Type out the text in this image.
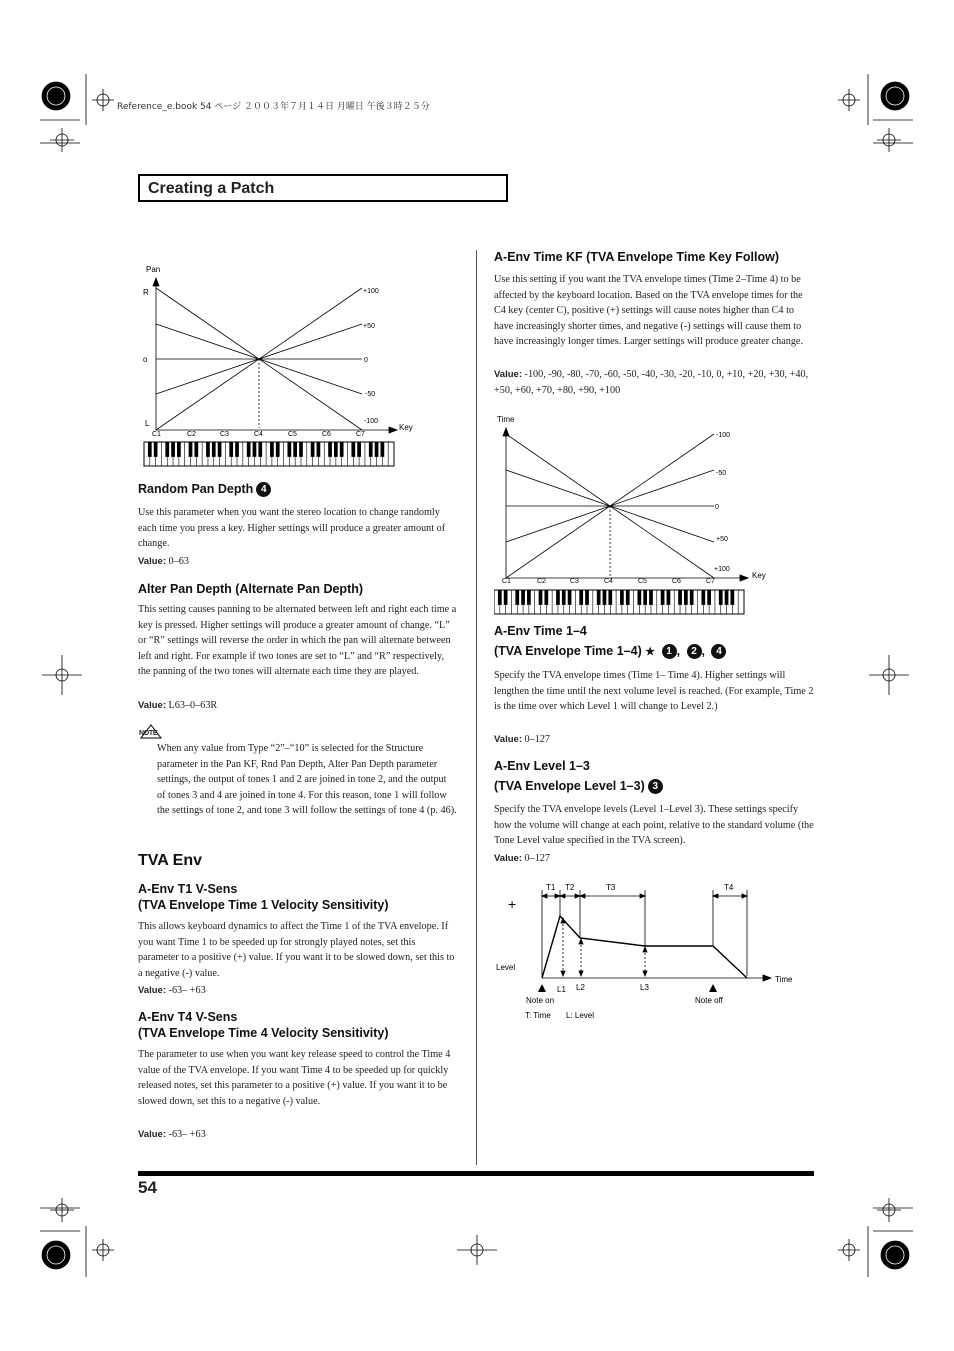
Reference_e.book 54 ページ ２００３年７月１４日 月曜日 午後３時２５分
Creating a Patch
Pan
R
o
L
+100
+50
0
-50
-100
Key
C1	C2	C3	C4	C5	C6	C7
Random Pan Depth 4
Use this parameter when you want the stereo location to change randomly each time you press a key. Higher settings will produce a greater amount of change.
Value: 0–63
Alter Pan Depth (Alternate Pan Depth)
This setting causes panning to be alternated between left and right each time a key is pressed. Higher settings will produce a greater amount of change. “L” or “R” settings will reverse the order in which the pan will alternate between left and right. For example if two tones are set to “L” and “R” respectively, the panning of the two tones will alternate each time they are played.
Value: L63–0–63R
NOTE
When any value from Type “2”–“10” is selected for the Structure parameter in the Pan KF, Rnd Pan Depth, Alter Pan Depth parameter settings, the output of tones 1 and 2 are joined in tone 2, and the output of tones 3 and 4 are joined in tone 4. For this reason, tone 1 will follow the settings of tone 2, and tone 3 will follow the settings of tone 4 (p. 46).
TVA Env
A-Env T1 V-Sens
(TVA Envelope Time 1 Velocity Sensitivity)
This allows keyboard dynamics to affect the Time 1 of the TVA envelope. If you want Time 1 to be speeded up for strongly played notes, set this parameter to a positive (+) value. If you want it to be slowed down, set this to a negative (-) value.
Value: -63– +63
A-Env T4 V-Sens
(TVA Envelope Time 4 Velocity Sensitivity)
The parameter to use when you want key release speed to control the Time 4 value of the TVA envelope. If you want Time 4 to be speeded up for quickly released notes, set this parameter to a positive (+) value. If you want it to be slowed down, set this to a negative (-) value.
Value: -63– +63
A-Env Time KF (TVA Envelope Time Key Follow)
Use this setting if you want the TVA envelope times (Time 2–Time 4) to be affected by the keyboard location. Based on the TVA envelope times for the C4 key (center C), positive (+) settings will cause notes higher than C4 to have increasingly shorter times, and negative (-) settings will cause them to have increasingly longer times. Larger settings will produce greater change.
Value: -100, -90, -80, -70, -60, -50, -40, -30, -20, -10, 0, +10, +20, +30, +40, +50, +60, +70, +80, +90, +100
Time
-100
-50
0
+50
+100
Key
C1	C2	C3	C4	C5	C6	C7
A-Env Time 1–4
(TVA Envelope Time 1–4) ★ 1 , 2 , 4
Specify the TVA envelope times (Time 1– Time 4). Higher settings will lengthen the time until the next volume level is reached. (For example, Time 2 is the time over which Level 1 will change to Level 2.)
Value: 0–127
A-Env Level 1–3
(TVA Envelope Level 1–3) 3
Specify the TVA envelope levels (Level 1–Level 3). These settings specify how the volume will change at each point, relative to the standard volume (the Tone Level value specified in the TVA screen).
Value: 0–127
+
T1 T2	T3	T4
L1 L2	L3
Level
Time
Note on	Note off
T: Time L: Level
54
